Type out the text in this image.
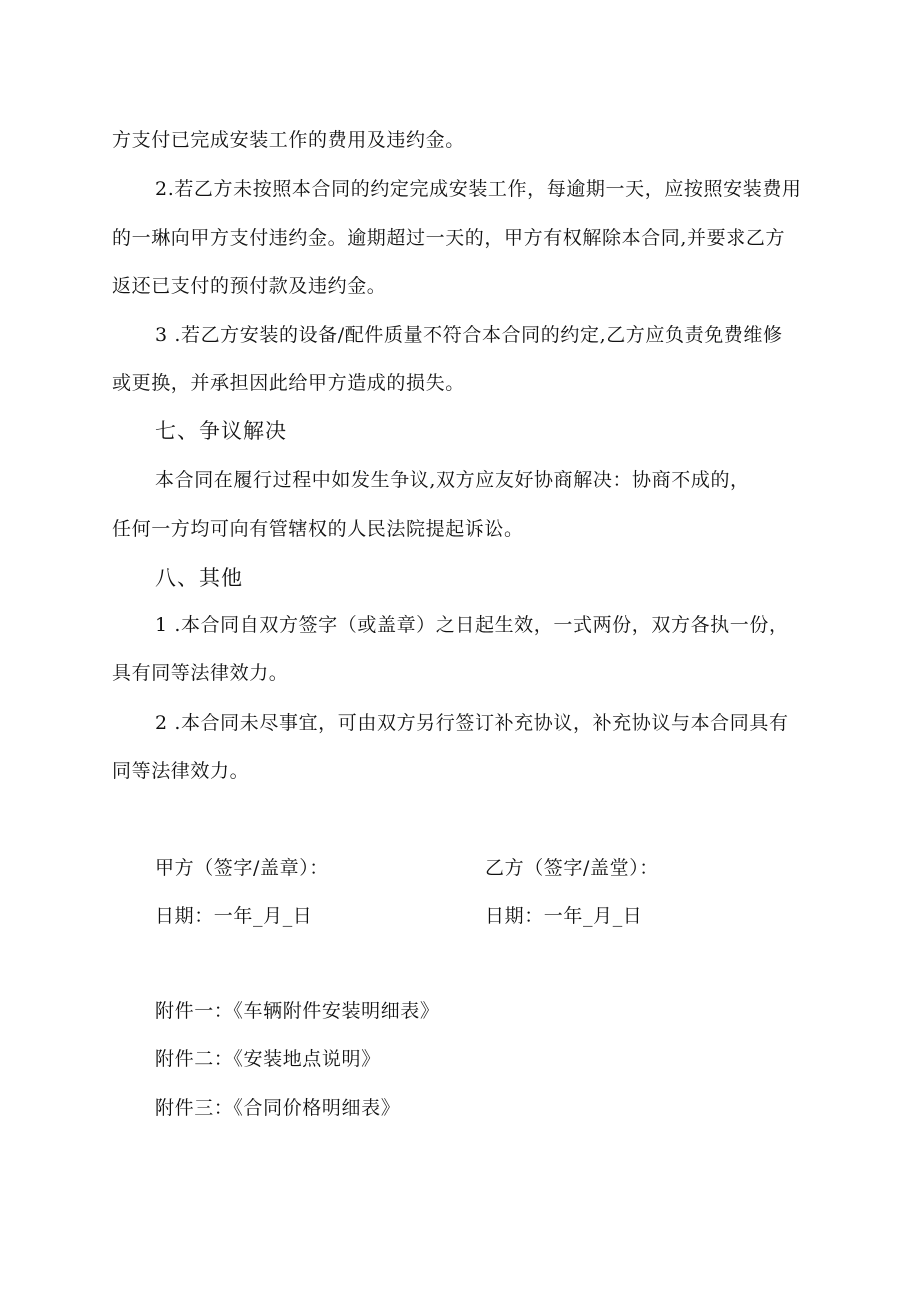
方支付已完成安装工作的费用及违约金。
2.若乙方未按照本合同的约定完成安装工作，每逾期一天，应按照安装费用
的一琳向甲方支付违约金。逾期超过一天的，甲方有权解除本合同,并要求乙方
返还已支付的预付款及违约金。
3 .若乙方安装的设备/配件质量不符合本合同的约定,乙方应负责免费维修
或更换，并承担因此给甲方造成的损失。
七、争议解决
本合同在履行过程中如发生争议,双方应友好协商解决：协商不成的，
任何一方均可向有管辖权的人民法院提起诉讼。
八、其他
1 .本合同自双方签字（或盖章）之日起生效，一式两份，双方各执一份，
具有同等法律效力。
2 .本合同未尽事宜，可由双方另行签订补充协议，补充协议与本合同具有
同等法律效力。
甲方（签字/盖章）：	乙方（签字/盖堂）：
日期：一年_月_日	日期：一年_月_日
附件一：《车辆附件安装明细表》
附件二：《安装地点说明》
附件三：《合同价格明细表》
